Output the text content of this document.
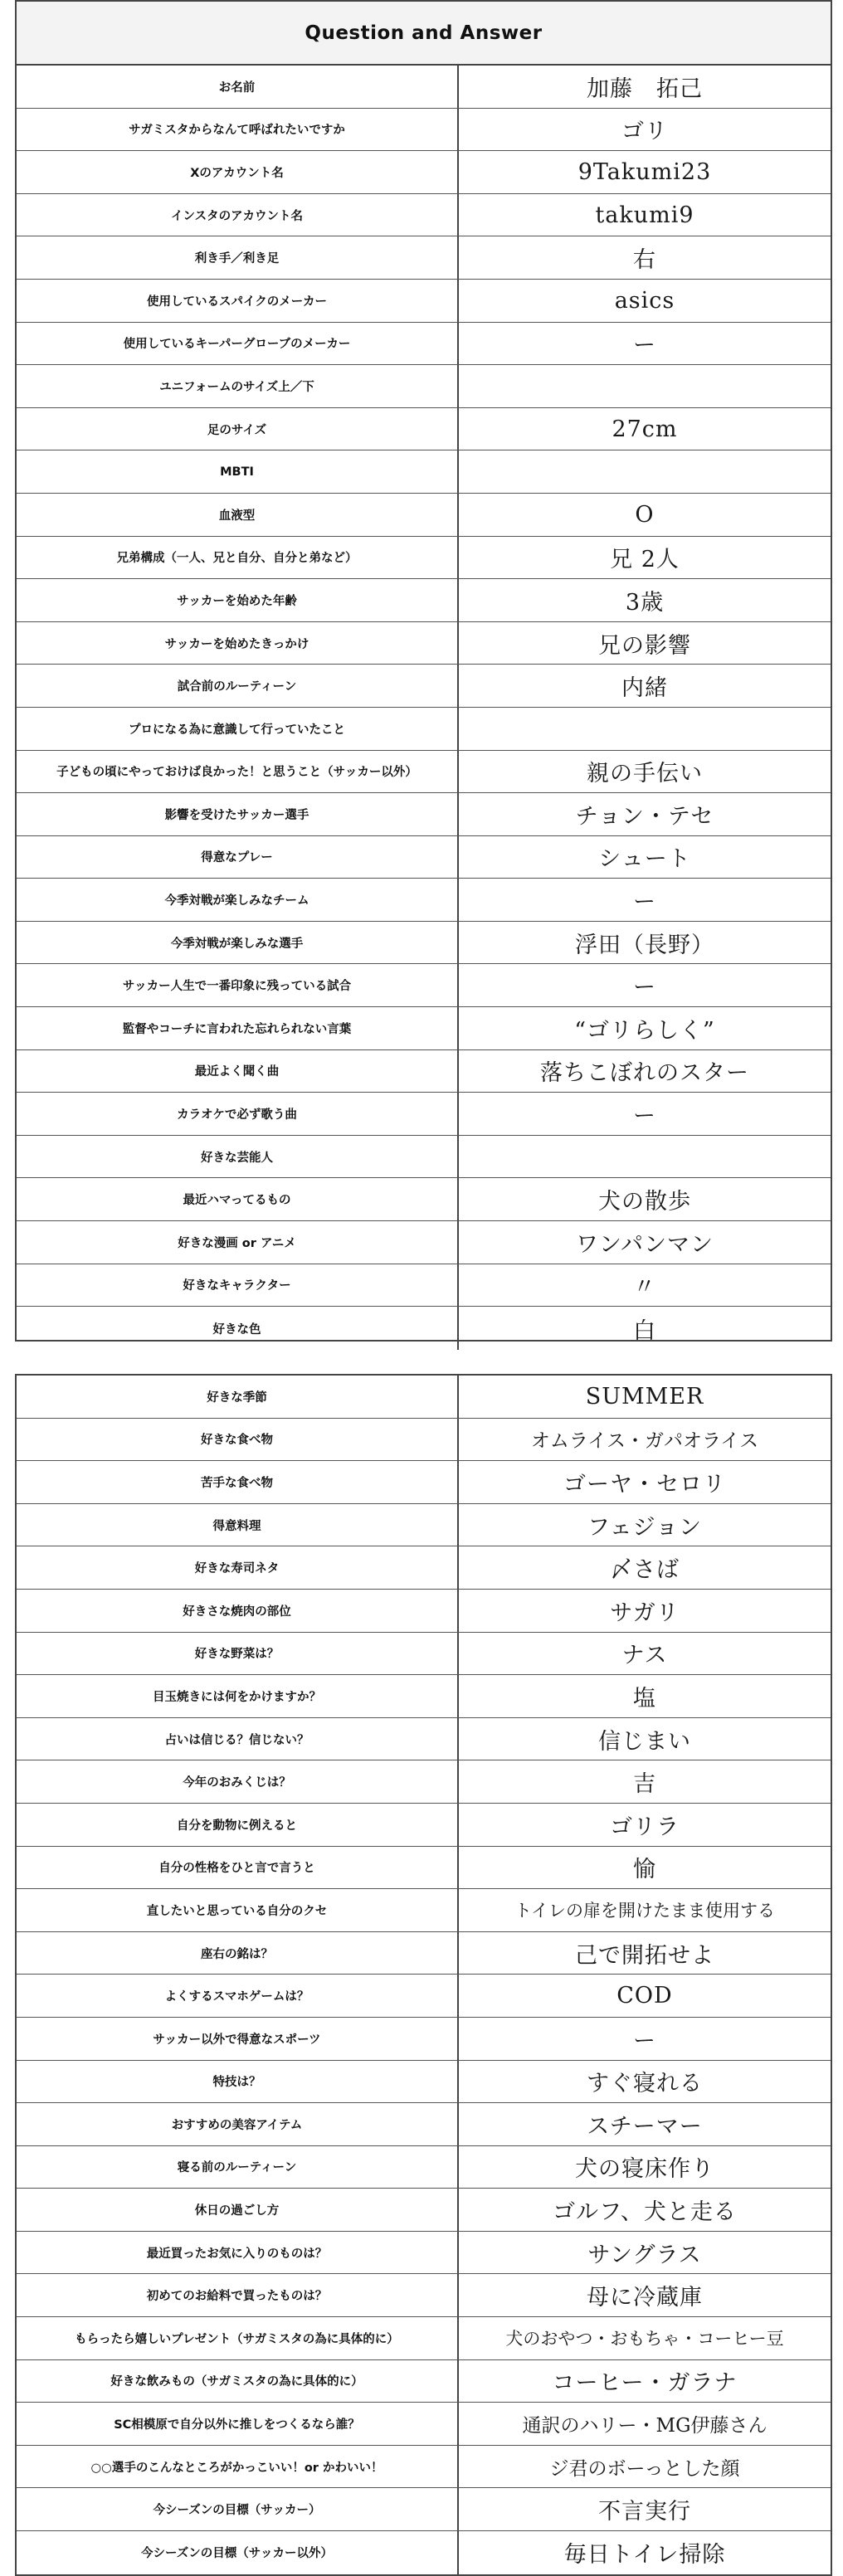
Question and Answer
お名前	加藤　拓己
サガミスタからなんて呼ばれたいですか	ゴリ
Xのアカウント名	9Takumi23
インスタのアカウント名	takumi9
利き手／利き足	右
使用しているスパイクのメーカー	asics
使用しているキーパーグローブのメーカー	ー
ユニフォームのサイズ上／下
足のサイズ	27cm
MBTI
血液型	O
兄弟構成（一人、兄と自分、自分と弟など）	兄 2人
サッカーを始めた年齢	3歳
サッカーを始めたきっかけ	兄の影響
試合前のルーティーン	内緒
プロになる為に意識して行っていたこと
子どもの頃にやっておけば良かった！と思うこと（サッカー以外）	親の手伝い
影響を受けたサッカー選手	チョン・テセ
得意なプレー	シュート
今季対戦が楽しみなチーム	ー
今季対戦が楽しみな選手	浮田（長野）
サッカー人生で一番印象に残っている試合	ー
監督やコーチに言われた忘れられない言葉	“ゴリらしく”
最近よく聞く曲	落ちこぼれのスター
カラオケで必ず歌う曲	ー
好きな芸能人
最近ハマってるもの	犬の散歩
好きな漫画 or アニメ	ワンパンマン
好きなキャラクター	〃
好きな色	白
好きな季節	SUMMER
好きな食べ物	オムライス・ガパオライス
苦手な食べ物	ゴーヤ・セロリ
得意料理	フェジョン
好きな寿司ネタ	〆さば
好きさな焼肉の部位	サガリ
好きな野菜は？	ナス
目玉焼きには何をかけますか？	塩
占いは信じる？信じない？	信じまい
今年のおみくじは？	吉
自分を動物に例えると	ゴリラ
自分の性格をひと言で言うと	愉
直したいと思っている自分のクセ	トイレの扉を開けたまま使用する
座右の銘は？	己で開拓せよ
よくするスマホゲームは？	COD
サッカー以外で得意なスポーツ	ー
特技は？	すぐ寝れる
おすすめの美容アイテム	スチーマー
寝る前のルーティーン	犬の寝床作り
休日の過ごし方	ゴルフ、犬と走る
最近買ったお気に入りのものは？	サングラス
初めてのお給料で買ったものは？	母に冷蔵庫
もらったら嬉しいプレゼント（サガミスタの為に具体的に）	犬のおやつ・おもちゃ・コーヒー豆
好きな飲みもの（サガミスタの為に具体的に）	コーヒー・ガラナ
SC相模原で自分以外に推しをつくるなら誰？	通訳のハリー・MG伊藤さん
○○選手のこんなところがかっこいい！or かわいい！	ジ君のボーっとした顔
今シーズンの目標（サッカー）	不言実行
今シーズンの目標（サッカー以外）	毎日トイレ掃除
